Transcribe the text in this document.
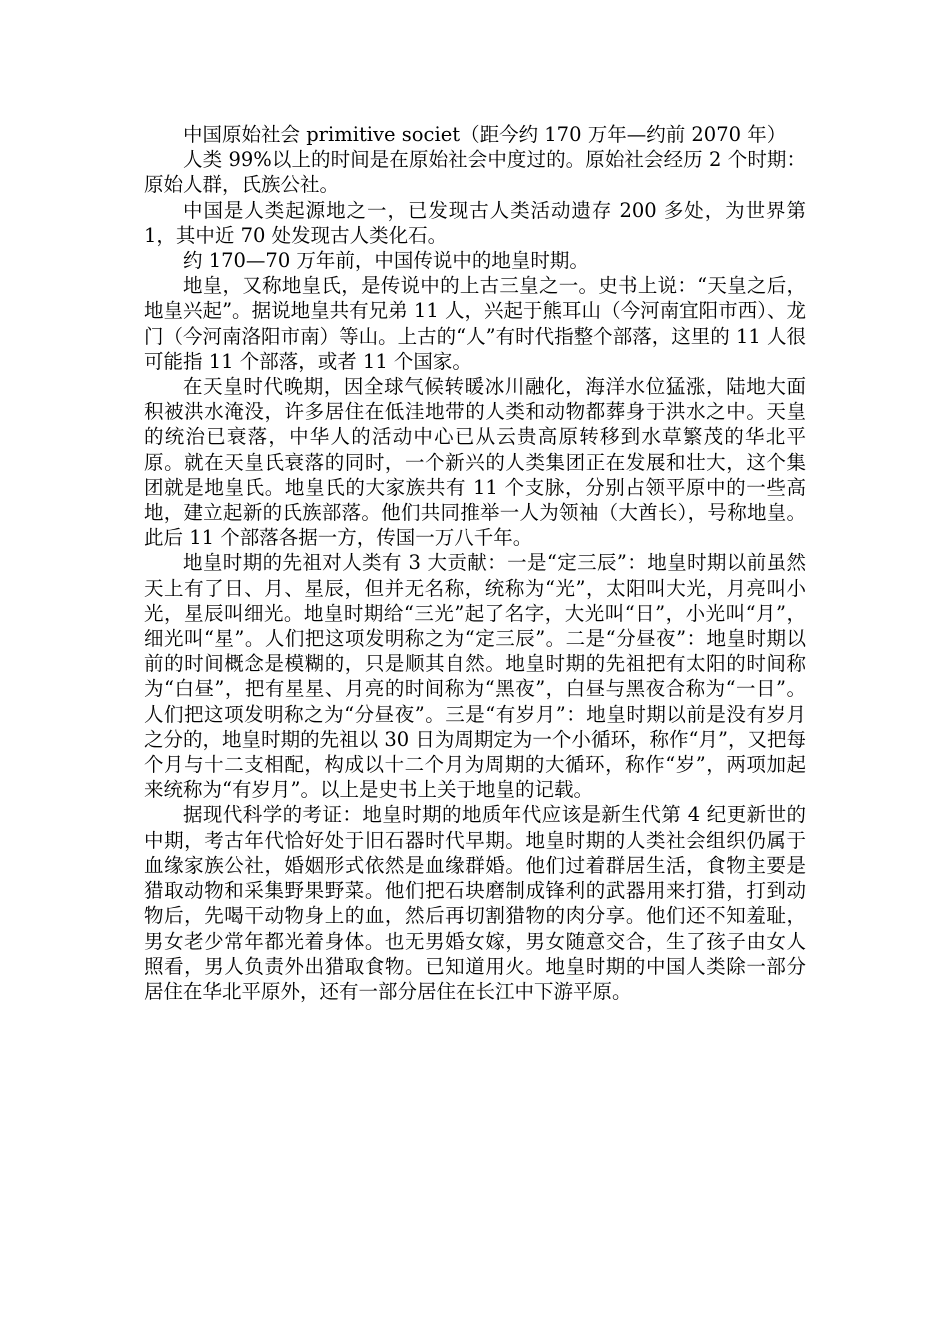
中国原始社会 primitive societ（距今约 170 万年—约前 2070 年）

人类 99%以上的时间是在原始社会中度过的。原始社会经历 2 个时期：原始人群，氏族公社。

中国是人类起源地之一，已发现古人类活动遗存 200 多处，为世界第 1，其中近 70 处发现古人类化石。

约 170—70 万年前，中国传说中的地皇时期。

地皇，又称地皇氏，是传说中的上古三皇之一。史书上说：“天皇之后，地皇兴起”。据说地皇共有兄弟 11 人，兴起于熊耳山（今河南宜阳市西）、龙门（今河南洛阳市南）等山。上古的“人”有时代指整个部落，这里的 11 人很可能指 11 个部落，或者 11 个国家。

在天皇时代晚期，因全球气候转暖冰川融化，海洋水位猛涨，陆地大面积被洪水淹没，许多居住在低洼地带的人类和动物都葬身于洪水之中。天皇的统治已衰落，中华人的活动中心已从云贵高原转移到水草繁茂的华北平原。就在天皇氏衰落的同时，一个新兴的人类集团正在发展和壮大，这个集团就是地皇氏。地皇氏的大家族共有 11 个支脉，分别占领平原中的一些高地，建立起新的氏族部落。他们共同推举一人为领袖（大酋长），号称地皇。此后 11 个部落各据一方，传国一万八千年。

地皇时期的先祖对人类有 3 大贡献：一是“定三辰”：地皇时期以前虽然天上有了日、月、星辰，但并无名称，统称为“光”，太阳叫大光，月亮叫小光，星辰叫细光。地皇时期给“三光”起了名字，大光叫“日”，小光叫“月”，细光叫“星”。人们把这项发明称之为“定三辰”。二是“分昼夜”：地皇时期以前的时间概念是模糊的，只是顺其自然。地皇时期的先祖把有太阳的时间称为“白昼”，把有星星、月亮的时间称为“黑夜”，白昼与黑夜合称为“一日”。人们把这项发明称之为“分昼夜”。三是“有岁月”：地皇时期以前是没有岁月之分的，地皇时期的先祖以 30 日为周期定为一个小循环，称作“月”，又把每个月与十二支相配，构成以十二个月为周期的大循环，称作“岁”，两项加起来统称为“有岁月”。以上是史书上关于地皇的记载。

据现代科学的考证：地皇时期的地质年代应该是新生代第 4 纪更新世的中期，考古年代恰好处于旧石器时代早期。地皇时期的人类社会组织仍属于血缘家族公社，婚姻形式依然是血缘群婚。他们过着群居生活，食物主要是猎取动物和采集野果野菜。他们把石块磨制成锋利的武器用来打猎，打到动物后，先喝干动物身上的血，然后再切割猎物的肉分享。他们还不知羞耻，男女老少常年都光着身体。也无男婚女嫁，男女随意交合，生了孩子由女人照看，男人负责外出猎取食物。已知道用火。地皇时期的中国人类除一部分居住在华北平原外，还有一部分居住在长江中下游平原。
